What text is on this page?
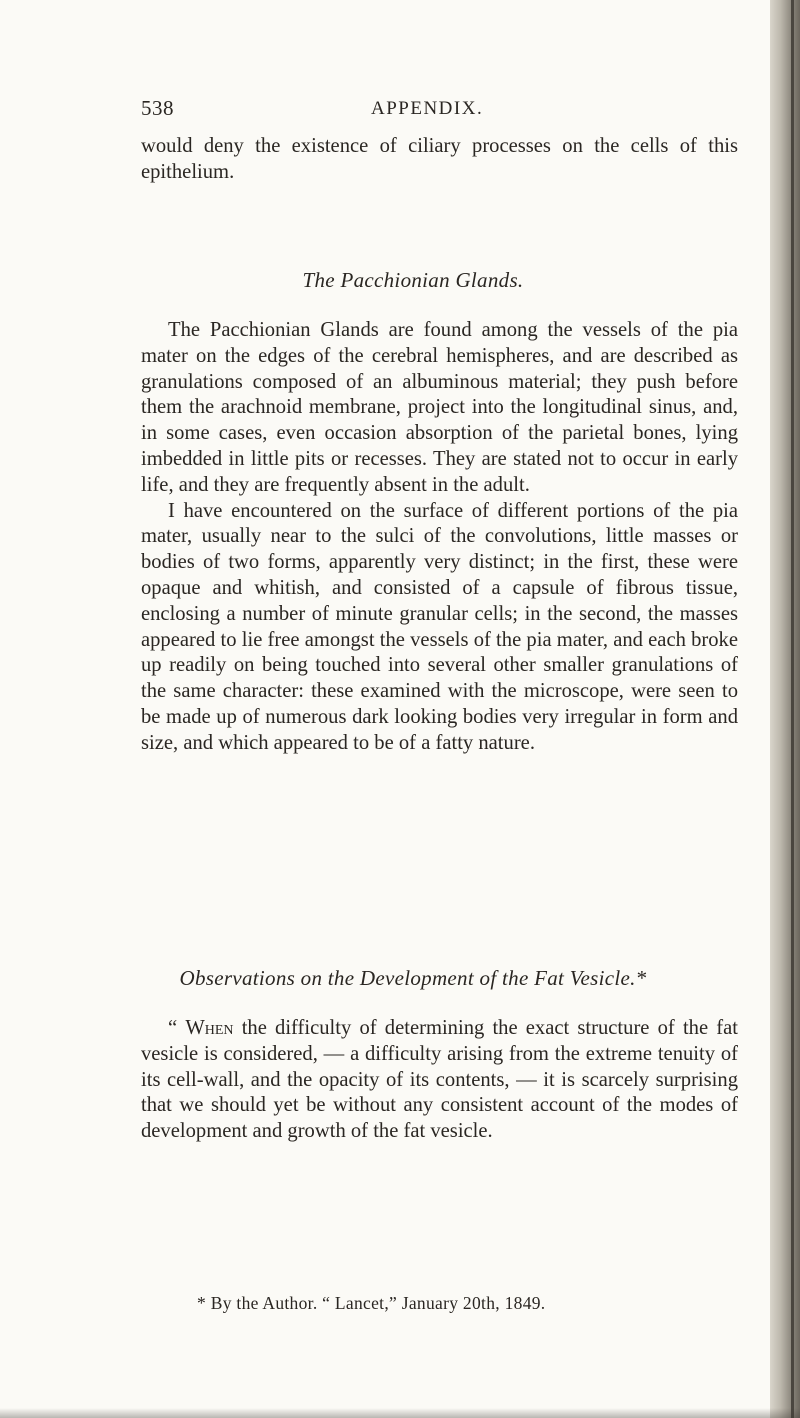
538	APPENDIX.

would deny the existence of ciliary processes on the cells of this epithelium.

The Pacchionian Glands.

The Pacchionian Glands are found among the vessels of the pia mater on the edges of the cerebral hemispheres, and are described as granulations composed of an albuminous material; they push before them the arachnoid membrane, project into the longitudinal sinus, and, in some cases, even occasion absorption of the parietal bones, lying imbedded in little pits or recesses. They are stated not to occur in early life, and they are frequently absent in the adult.

I have encountered on the surface of different portions of the pia mater, usually near to the sulci of the convolutions, little masses or bodies of two forms, apparently very distinct; in the first, these were opaque and whitish, and consisted of a capsule of fibrous tissue, enclosing a number of minute granular cells; in the second, the masses appeared to lie free amongst the vessels of the pia mater, and each broke up readily on being touched into several other smaller granulations of the same character: these examined with the microscope, were seen to be made up of numerous dark looking bodies very irregular in form and size, and which appeared to be of a fatty nature.

Observations on the Development of the Fat Vesicle.*

“ When the difficulty of determining the exact structure of the fat vesicle is considered, — a difficulty arising from the extreme tenuity of its cell-wall, and the opacity of its contents, — it is scarcely surprising that we should yet be without any consistent account of the modes of development and growth of the fat vesicle.

* By the Author. “ Lancet,” January 20th, 1849.
